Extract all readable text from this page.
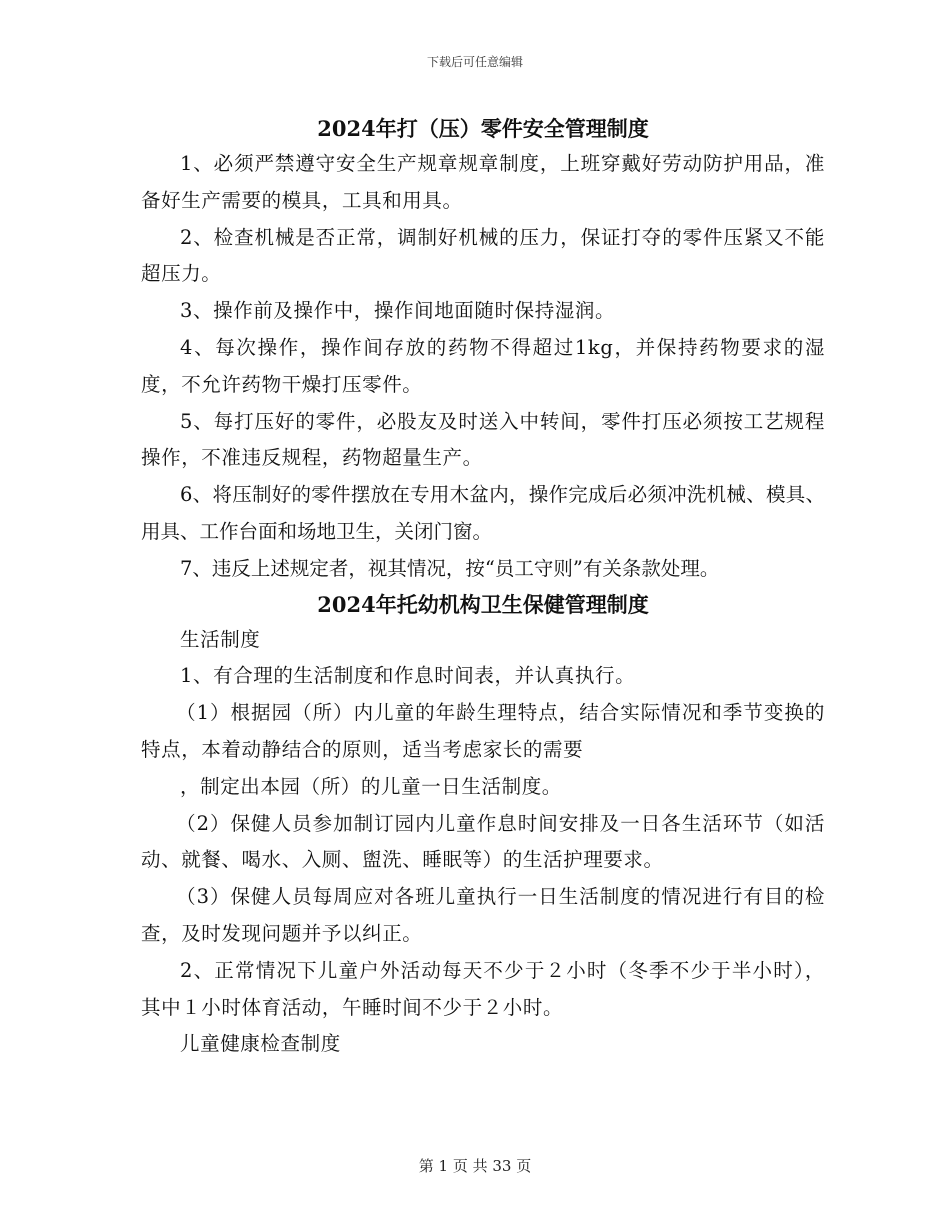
下载后可任意编辑
2024年打（压）零件安全管理制度
1、必须严禁遵守安全生产规章规章制度，上班穿戴好劳动防护用品，准备好生产需要的模具，工具和用具。
2、检查机械是否正常，调制好机械的压力，保证打夺的零件压紧又不能超压力。
3、操作前及操作中，操作间地面随时保持湿润。
4、每次操作，操作间存放的药物不得超过1kg，并保持药物要求的湿度，不允许药物干燥打压零件。
5、每打压好的零件，必股友及时送入中转间，零件打压必须按工艺规程操作，不准违反规程，药物超量生产。
6、将压制好的零件摆放在专用木盆内，操作完成后必须冲洗机械、模具、用具、工作台面和场地卫生，关闭门窗。
7、违反上述规定者，视其情况，按“员工守则”有关条款处理。
2024年托幼机构卫生保健管理制度
生活制度
1、有合理的生活制度和作息时间表，并认真执行。
（1）根据园（所）内儿童的年龄生理特点，结合实际情况和季节变换的特点，本着动静结合的原则，适当考虑家长的需要
，制定出本园（所）的儿童一日生活制度。
（2）保健人员参加制订园内儿童作息时间安排及一日各生活环节（如活动、就餐、喝水、入厕、盥洗、睡眠等）的生活护理要求。
（3）保健人员每周应对各班儿童执行一日生活制度的情况进行有目的检查，及时发现问题并予以纠正。
2、正常情况下儿童户外活动每天不少于２小时（冬季不少于半小时），其中１小时体育活动，午睡时间不少于２小时。
儿童健康检查制度
第 1 页 共 33 页
